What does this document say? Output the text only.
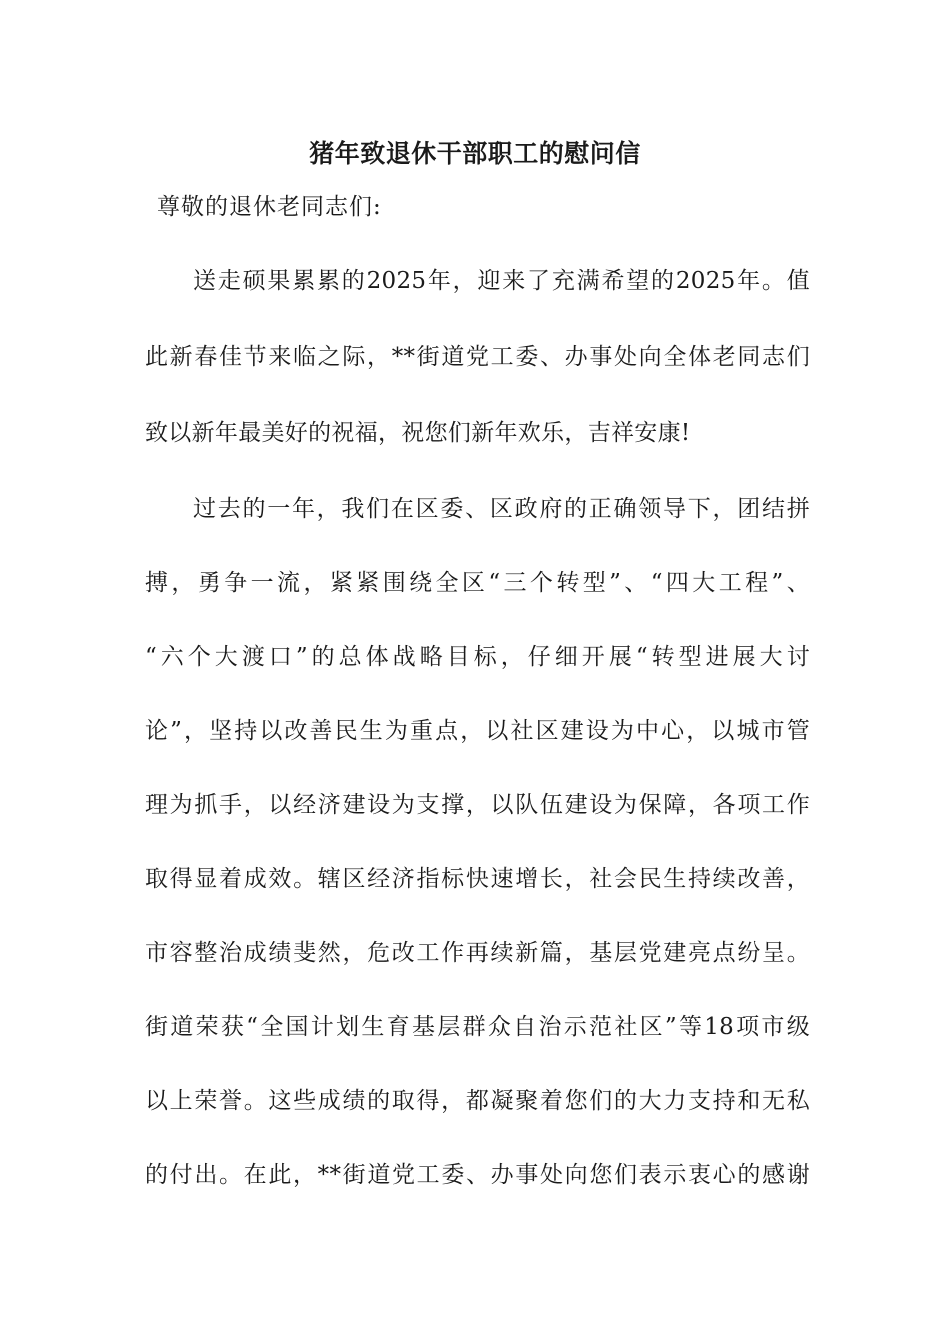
猪年致退休干部职工的慰问信
尊敬的退休老同志们:
送走硕果累累的2025年，迎来了充满希望的2025年。值
此新春佳节来临之际，**街道党工委、办事处向全体老同志们
致以新年最美好的祝福，祝您们新年欢乐，吉祥安康!
过去的一年，我们在区委、区政府的正确领导下，团结拼
搏，勇争一流，紧紧围绕全区“三个转型”、“四大工程”、
“六个大渡口”的总体战略目标，仔细开展“转型进展大讨
论”，坚持以改善民生为重点，以社区建设为中心，以城市管
理为抓手，以经济建设为支撑，以队伍建设为保障，各项工作
取得显着成效。辖区经济指标快速增长，社会民生持续改善，
市容整治成绩斐然，危改工作再续新篇，基层党建亮点纷呈。
街道荣获“全国计划生育基层群众自治示范社区”等18项市级
以上荣誉。这些成绩的取得，都凝聚着您们的大力支持和无私
的付出。在此，**街道党工委、办事处向您们表示衷心的感谢
